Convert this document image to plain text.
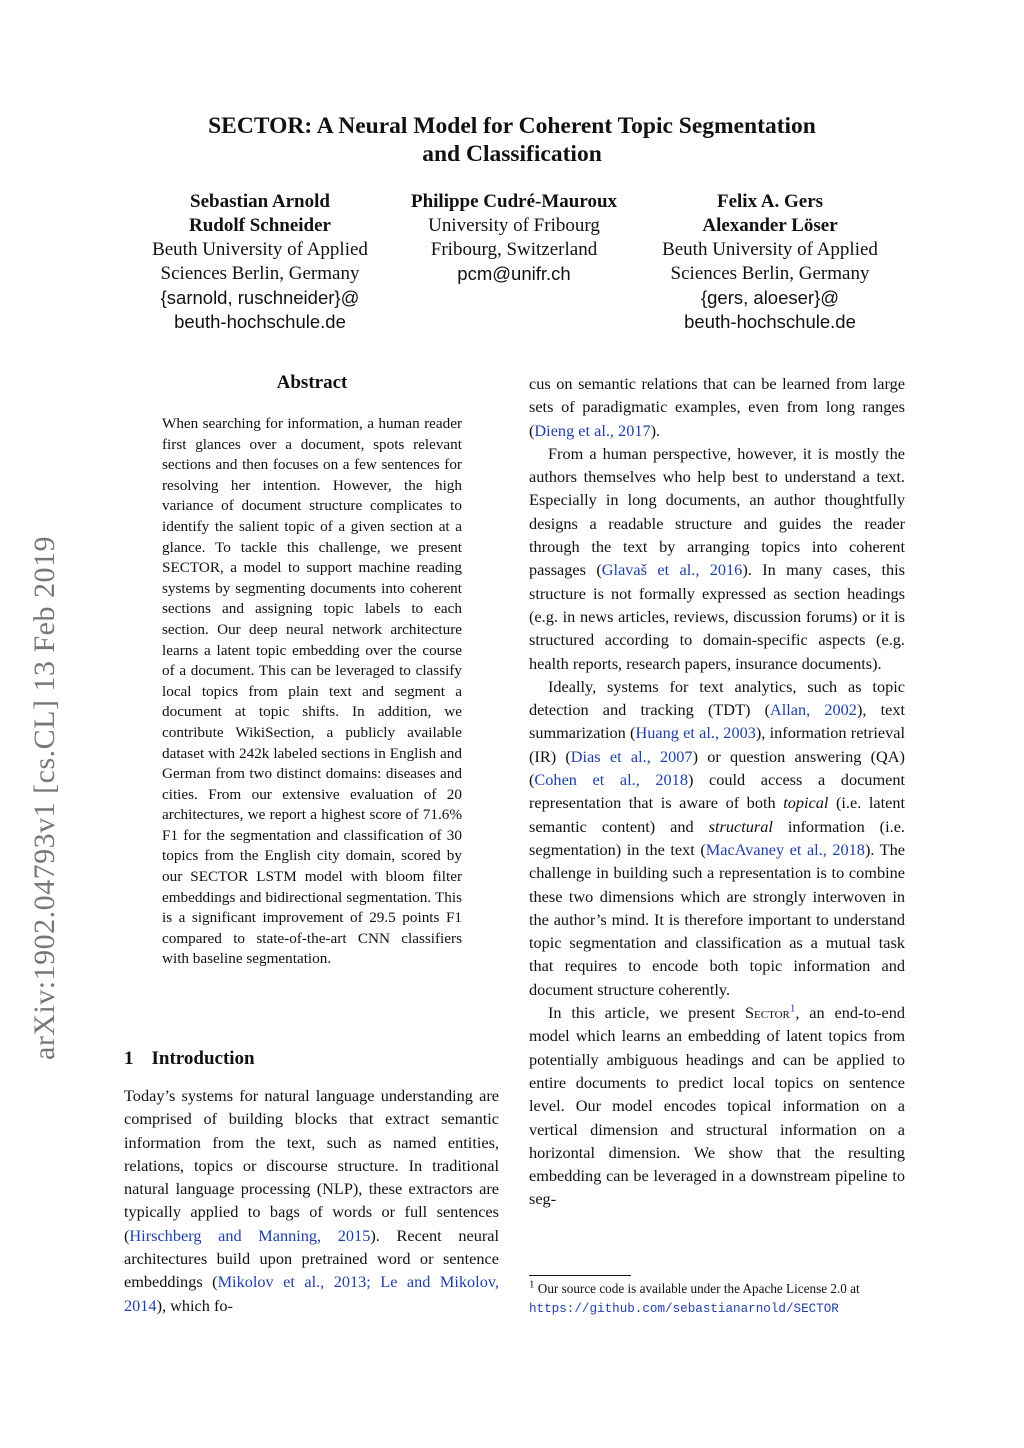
arXiv:1902.04793v1 [cs.CL] 13 Feb 2019
SECTOR: A Neural Model for Coherent Topic Segmentation
and Classification
Sebastian Arnold
Rudolf Schneider
Beuth University of Applied
Sciences Berlin, Germany
{sarnold, ruschneider}@
beuth-hochschule.de
Philippe Cudré-Mauroux
University of Fribourg
Fribourg, Switzerland
pcm@unifr.ch
Felix A. Gers
Alexander Löser
Beuth University of Applied
Sciences Berlin, Germany
{gers, aloeser}@
beuth-hochschule.de
Abstract
When searching for information, a human reader first glances over a document, spots relevant sections and then focuses on a few sentences for resolving her intention. However, the high variance of document structure complicates to identify the salient topic of a given section at a glance. To tackle this challenge, we present SECTOR, a model to support machine reading systems by segmenting documents into coherent sections and assigning topic labels to each section. Our deep neural network architecture learns a latent topic embedding over the course of a document. This can be leveraged to classify local topics from plain text and segment a document at topic shifts. In addition, we contribute WikiSection, a publicly available dataset with 242k labeled sections in English and German from two distinct domains: diseases and cities. From our extensive evaluation of 20 architectures, we report a highest score of 71.6% F1 for the segmentation and classification of 30 topics from the English city domain, scored by our SECTOR LSTM model with bloom filter embeddings and bidirectional segmentation. This is a significant improvement of 29.5 points F1 compared to state-of-the-art CNN classifiers with baseline segmentation.
1 Introduction

Today’s systems for natural language understanding are comprised of building blocks that extract semantic information from the text, such as named entities, relations, topics or discourse structure. In traditional natural language processing (NLP), these extractors are typically applied to bags of words or full sentences (Hirschberg and Manning, 2015). Recent neural architectures build upon pretrained word or sentence embeddings (Mikolov et al., 2013; Le and Mikolov, 2014), which fo-

cus on semantic relations that can be learned from large sets of paradigmatic examples, even from long ranges (Dieng et al., 2017).

From a human perspective, however, it is mostly the authors themselves who help best to understand a text. Especially in long documents, an author thoughtfully designs a readable structure and guides the reader through the text by arranging topics into coherent passages (Glavaš et al., 2016). In many cases, this structure is not formally expressed as section headings (e.g. in news articles, reviews, discussion forums) or it is structured according to domain-specific aspects (e.g. health reports, research papers, insurance documents).

Ideally, systems for text analytics, such as topic detection and tracking (TDT) (Allan, 2002), text summarization (Huang et al., 2003), information retrieval (IR) (Dias et al., 2007) or question answering (QA) (Cohen et al., 2018) could access a document representation that is aware of both topical (i.e. latent semantic content) and structural information (i.e. segmentation) in the text (MacAvaney et al., 2018). The challenge in building such a representation is to combine these two dimensions which are strongly interwoven in the author’s mind. It is therefore important to understand topic segmentation and classification as a mutual task that requires to encode both topic information and document structure coherently.

In this article, we present Sector$^1$, an end-to-end model which learns an embedding of latent topics from potentially ambiguous headings and can be applied to entire documents to predict local topics on sentence level. Our model encodes topical information on a vertical dimension and structural information on a horizontal dimension. We show that the resulting embedding can be leveraged in a downstream pipeline to seg-

$^1$ Our source code is available under the Apache License 2.0 at https://github.com/sebastianarnold/SECTOR
